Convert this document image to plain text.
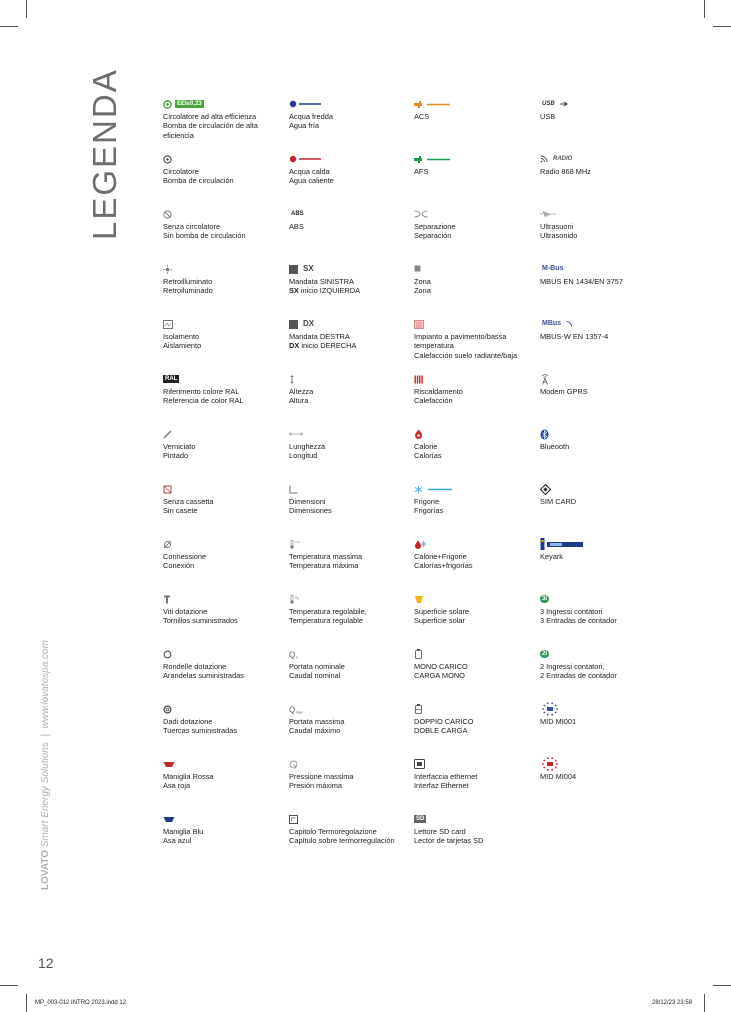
LEGENDA
LOVATO Smart Energy Solutions  |  www.lovatospa.com
12
MP_003-012 INTRO 2023.indd 12	28/12/23 23:58
EEI≤0,23
Circolatore ad alta efficienza
Bomba de circulación de alta
eficiencia
Circolatore
Bomba de circulación
Senza circolatore
Sin bomba de circulación
Retroilluminato
Retroiluminado
Isolamento
Aislamiento
RAL
Riferimento colore RAL
Referencia de color RAL
Verniciato
Pintado
Senza cassetta
Sin casete
Connessione
Conexión
Viti dotazione
Tornillos suministrados
Rondelle dotazione
Arandelas suministradas
Dadi dotazione
Tuercas suministradas
Maniglia Rossa
Asa roja
Maniglia Blu
Asa azul
Acqua fredda
Agua fría
Acqua calda
Agua caliente
ABS
ABS
SX
Mandata SINISTRA
SX inicio IZQUIERDA
DX
Mandata DESTRA
DX inicio DERECHA
Altezza
Altura
Lunghezza
Longitud
Dimensioni
Dimensiones
Temperatura massima
Temperatura máxima
Temperatura regolabile,
Temperatura regulable
Q n
Portata nominale
Caudal nominal
Q max
Portata massima
Caudal máximo
Pressione massima
Presión máxima
Capitolo Termoregolazione
Capítulo sobre termorregulación
ACS
AFS
Separazione
Separación
Zona
Zona
Impianto a pavimento/bassa
temperatura
Calefacción suelo radiante/baja
Riscaldamento
Calefacción
Calorie
Calorías
Frigorie
Frigorías
Calorie+Frigorie
Calorías+frigorías
Superficie solare
Superficie solar
MONO CARICO
CARGA MONO
DOPPIO CARICO
DOBLE CARGA
Interfaccia ethernet
Interfaz Ethernet
SD
Lettore SD card
Lector de tarjetas SD
USB
USB
RADIO
Radio 868 MHz
Ultrasuoni
Ultrasonido
M-Bus
MBUS EN 1434/EN 3757
MBus
MBUS-W EN 1357-4
Modem GPRS
Blueooth
SIM CARD
Keyark
3I
3 Ingressi contatori
3 Entradas de contador
2I
2 Ingressi contatori,
2 Entradas de contador
MID MI001
MID MI004
